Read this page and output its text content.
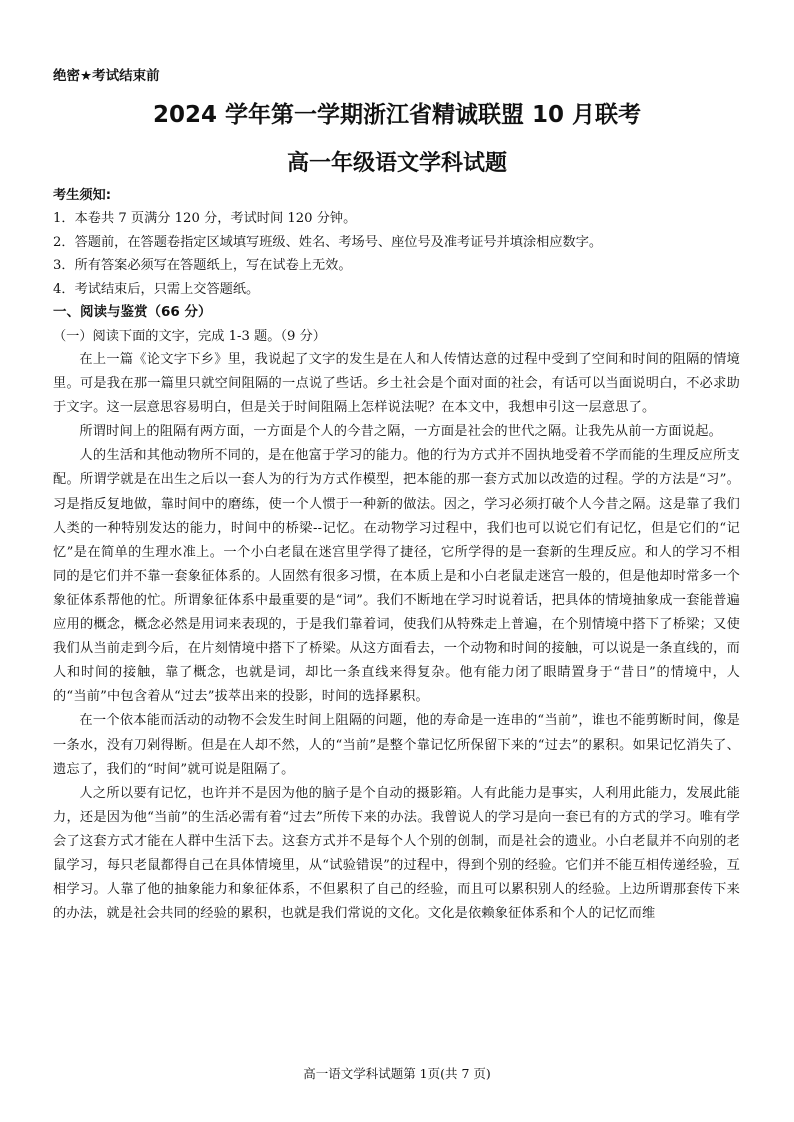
绝密★考试结束前
2024 学年第一学期浙江省精诚联盟 10 月联考
高一年级语文学科试题
考生须知:
1．本卷共 7 页满分 120 分，考试时间 120 分钟。
2．答题前，在答题卷指定区域填写班级、姓名、考场号、座位号及准考证号并填涂相应数字。
3．所有答案必须写在答题纸上，写在试卷上无效。
4．考试结束后，只需上交答题纸。
一、阅读与鉴赏（66 分）
（一）阅读下面的文字，完成 1-3 题。（9 分）

在上一篇《论文字下乡》里，我说起了文字的发生是在人和人传情达意的过程中受到了空间和时间的阻隔的情境里。可是我在那一篇里只就空间阻隔的一点说了些话。乡土社会是个面对面的社会，有话可以当面说明白，不必求助于文字。这一层意思容易明白，但是关于时间阻隔上怎样说法呢？在本文中，我想申引这一层意思了。

所谓时间上的阻隔有两方面，一方面是个人的今昔之隔，一方面是社会的世代之隔。让我先从前一方面说起。

人的生活和其他动物所不同的，是在他富于学习的能力。他的行为方式并不固执地受着不学而能的生理反应所支配。所谓学就是在出生之后以一套人为的行为方式作模型，把本能的那一套方式加以改造的过程。学的方法是“习”。习是指反复地做，靠时间中的磨练，使一个人惯于一种新的做法。因之，学习必须打破个人今昔之隔。这是靠了我们人类的一种特别发达的能力，时间中的桥梁--记忆。在动物学习过程中，我们也可以说它们有记忆，但是它们的“记忆”是在简单的生理水准上。一个小白老鼠在迷宫里学得了捷径，它所学得的是一套新的生理反应。和人的学习不相同的是它们并不靠一套象征体系的。人固然有很多习惯，在本质上是和小白老鼠走迷宫一般的，但是他却时常多一个象征体系帮他的忙。所谓象征体系中最重要的是“词”。我们不断地在学习时说着话，把具体的情境抽象成一套能普遍应用的概念，概念必然是用词来表现的，于是我们靠着词，使我们从特殊走上普遍，在个别情境中搭下了桥梁；又使我们从当前走到今后，在片刻情境中搭下了桥梁。从这方面看去，一个动物和时间的接触，可以说是一条直线的，而人和时间的接触，靠了概念，也就是词，却比一条直线来得复杂。他有能力闭了眼睛置身于“昔日”的情境中，人的“当前”中包含着从“过去”拔萃出来的投影，时间的选择累积。

在一个依本能而活动的动物不会发生时间上阻隔的问题，他的寿命是一连串的“当前”，谁也不能剪断时间，像是一条水，没有刀剁得断。但是在人却不然，人的“当前”是整个靠记忆所保留下来的“过去”的累积。如果记忆消失了、遗忘了，我们的“时间”就可说是阻隔了。

人之所以要有记忆，也许并不是因为他的脑子是个自动的摄影箱。人有此能力是事实，人利用此能力，发展此能力，还是因为他“当前”的生活必需有着“过去”所传下来的办法。我曾说人的学习是向一套已有的方式的学习。唯有学会了这套方式才能在人群中生活下去。这套方式并不是每个人个别的创制，而是社会的遗业。小白老鼠并不向别的老鼠学习，每只老鼠都得自己在具体情境里，从“试验错误”的过程中，得到个别的经验。它们并不能互相传递经验，互相学习。人靠了他的抽象能力和象征体系，不但累积了自己的经验，而且可以累积别人的经验。上边所谓那套传下来的办法，就是社会共同的经验的累积，也就是我们常说的文化。文化是依赖象征体系和个人的记忆而维

高一语文学科试题第 1页(共 7 页)
